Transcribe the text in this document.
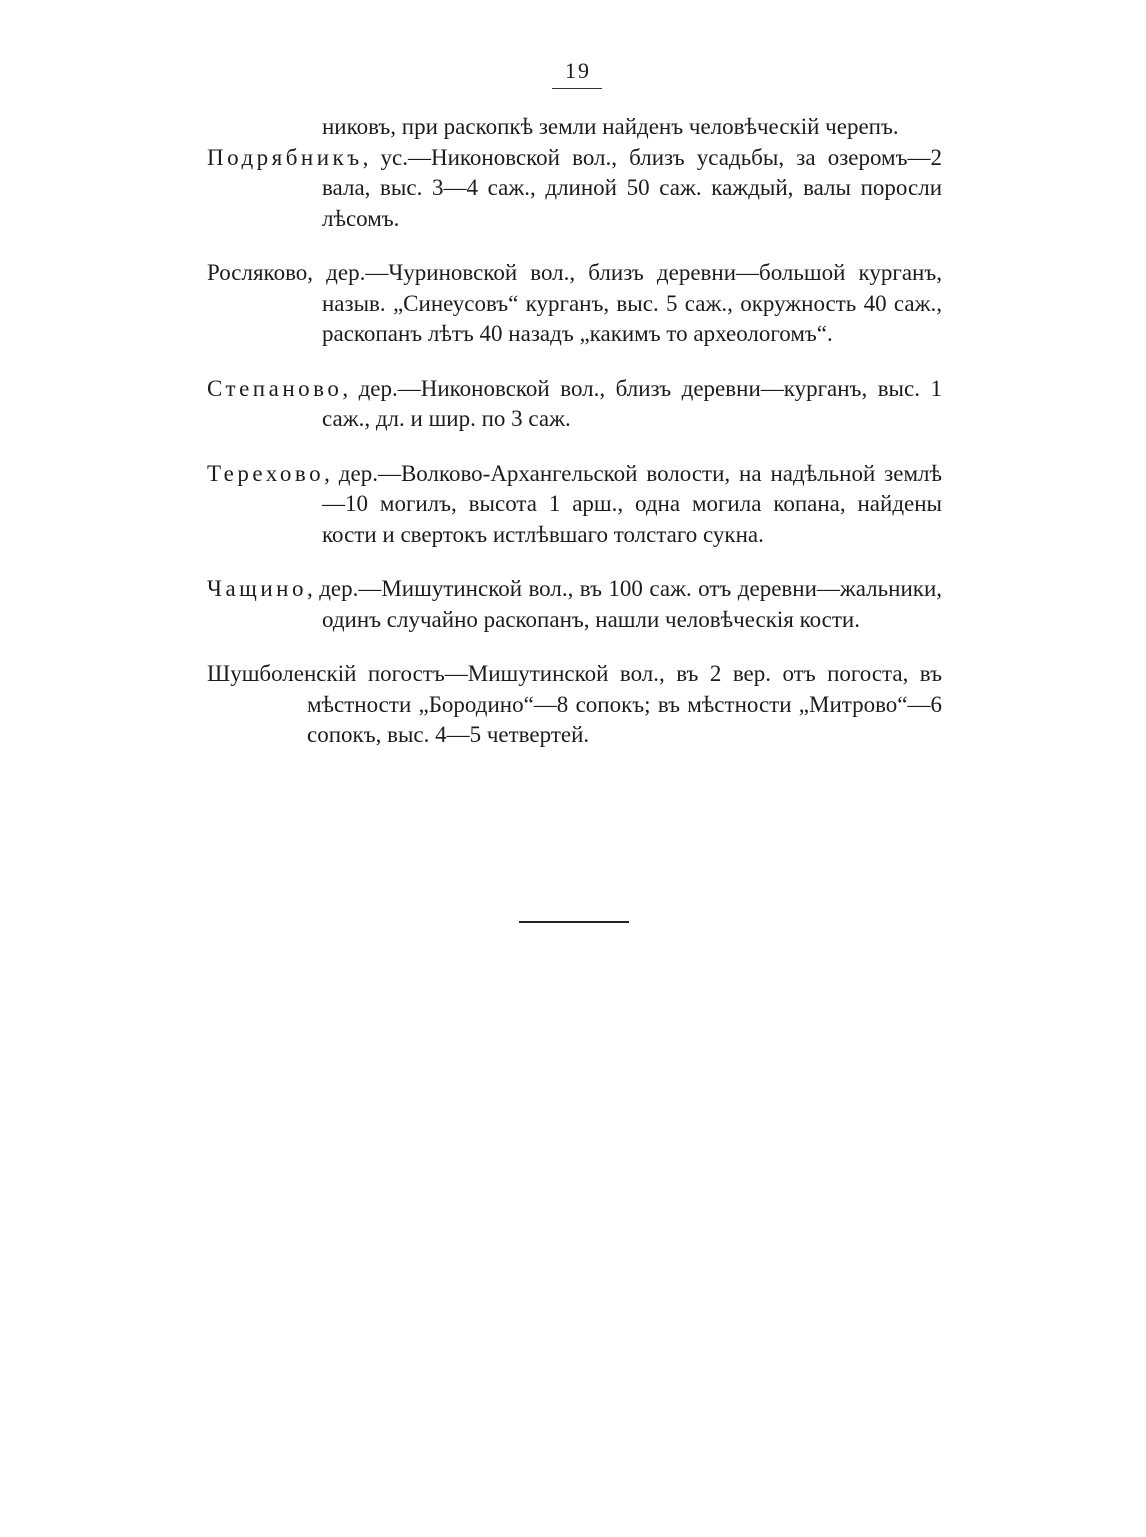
19

никовъ, при раскопкѣ земли найденъ человѣческій черепъ.

Подрябникъ, ус.—Никоновской вол., близъ усадьбы, за озеромъ—2 вала, выс. 3—4 саж., длиной 50 саж. каждый, валы поросли лѣсомъ.

Росляково, дер.—Чуриновской вол., близъ деревни—большой курганъ, назыв. „Синеусовъ“ курганъ, выс. 5 саж., окружность 40 саж., раскопанъ лѣтъ 40 назадъ „какимъ то археологомъ“.

Степаново, дер.—Никоновской вол., близъ деревни—курганъ, выс. 1 саж., дл. и шир. по 3 саж.

Терехово, дер.—Волково-Архангельской волости, на надѣльной землѣ—10 могилъ, высота 1 арш., одна могила копана, найдены кости и свертокъ истлѣвшаго толстаго сукна.

Чащино, дер.—Мишутинской вол., въ 100 саж. отъ деревни—жальники, одинъ случайно раскопанъ, нашли человѣческія кости.

Шушболенскій погостъ—Мишутинской вол., въ 2 вер. отъ погоста, въ мѣстности „Бородино“—8 сопокъ; въ мѣстности „Митрово“—6 сопокъ, выс. 4—5 четвертей.
